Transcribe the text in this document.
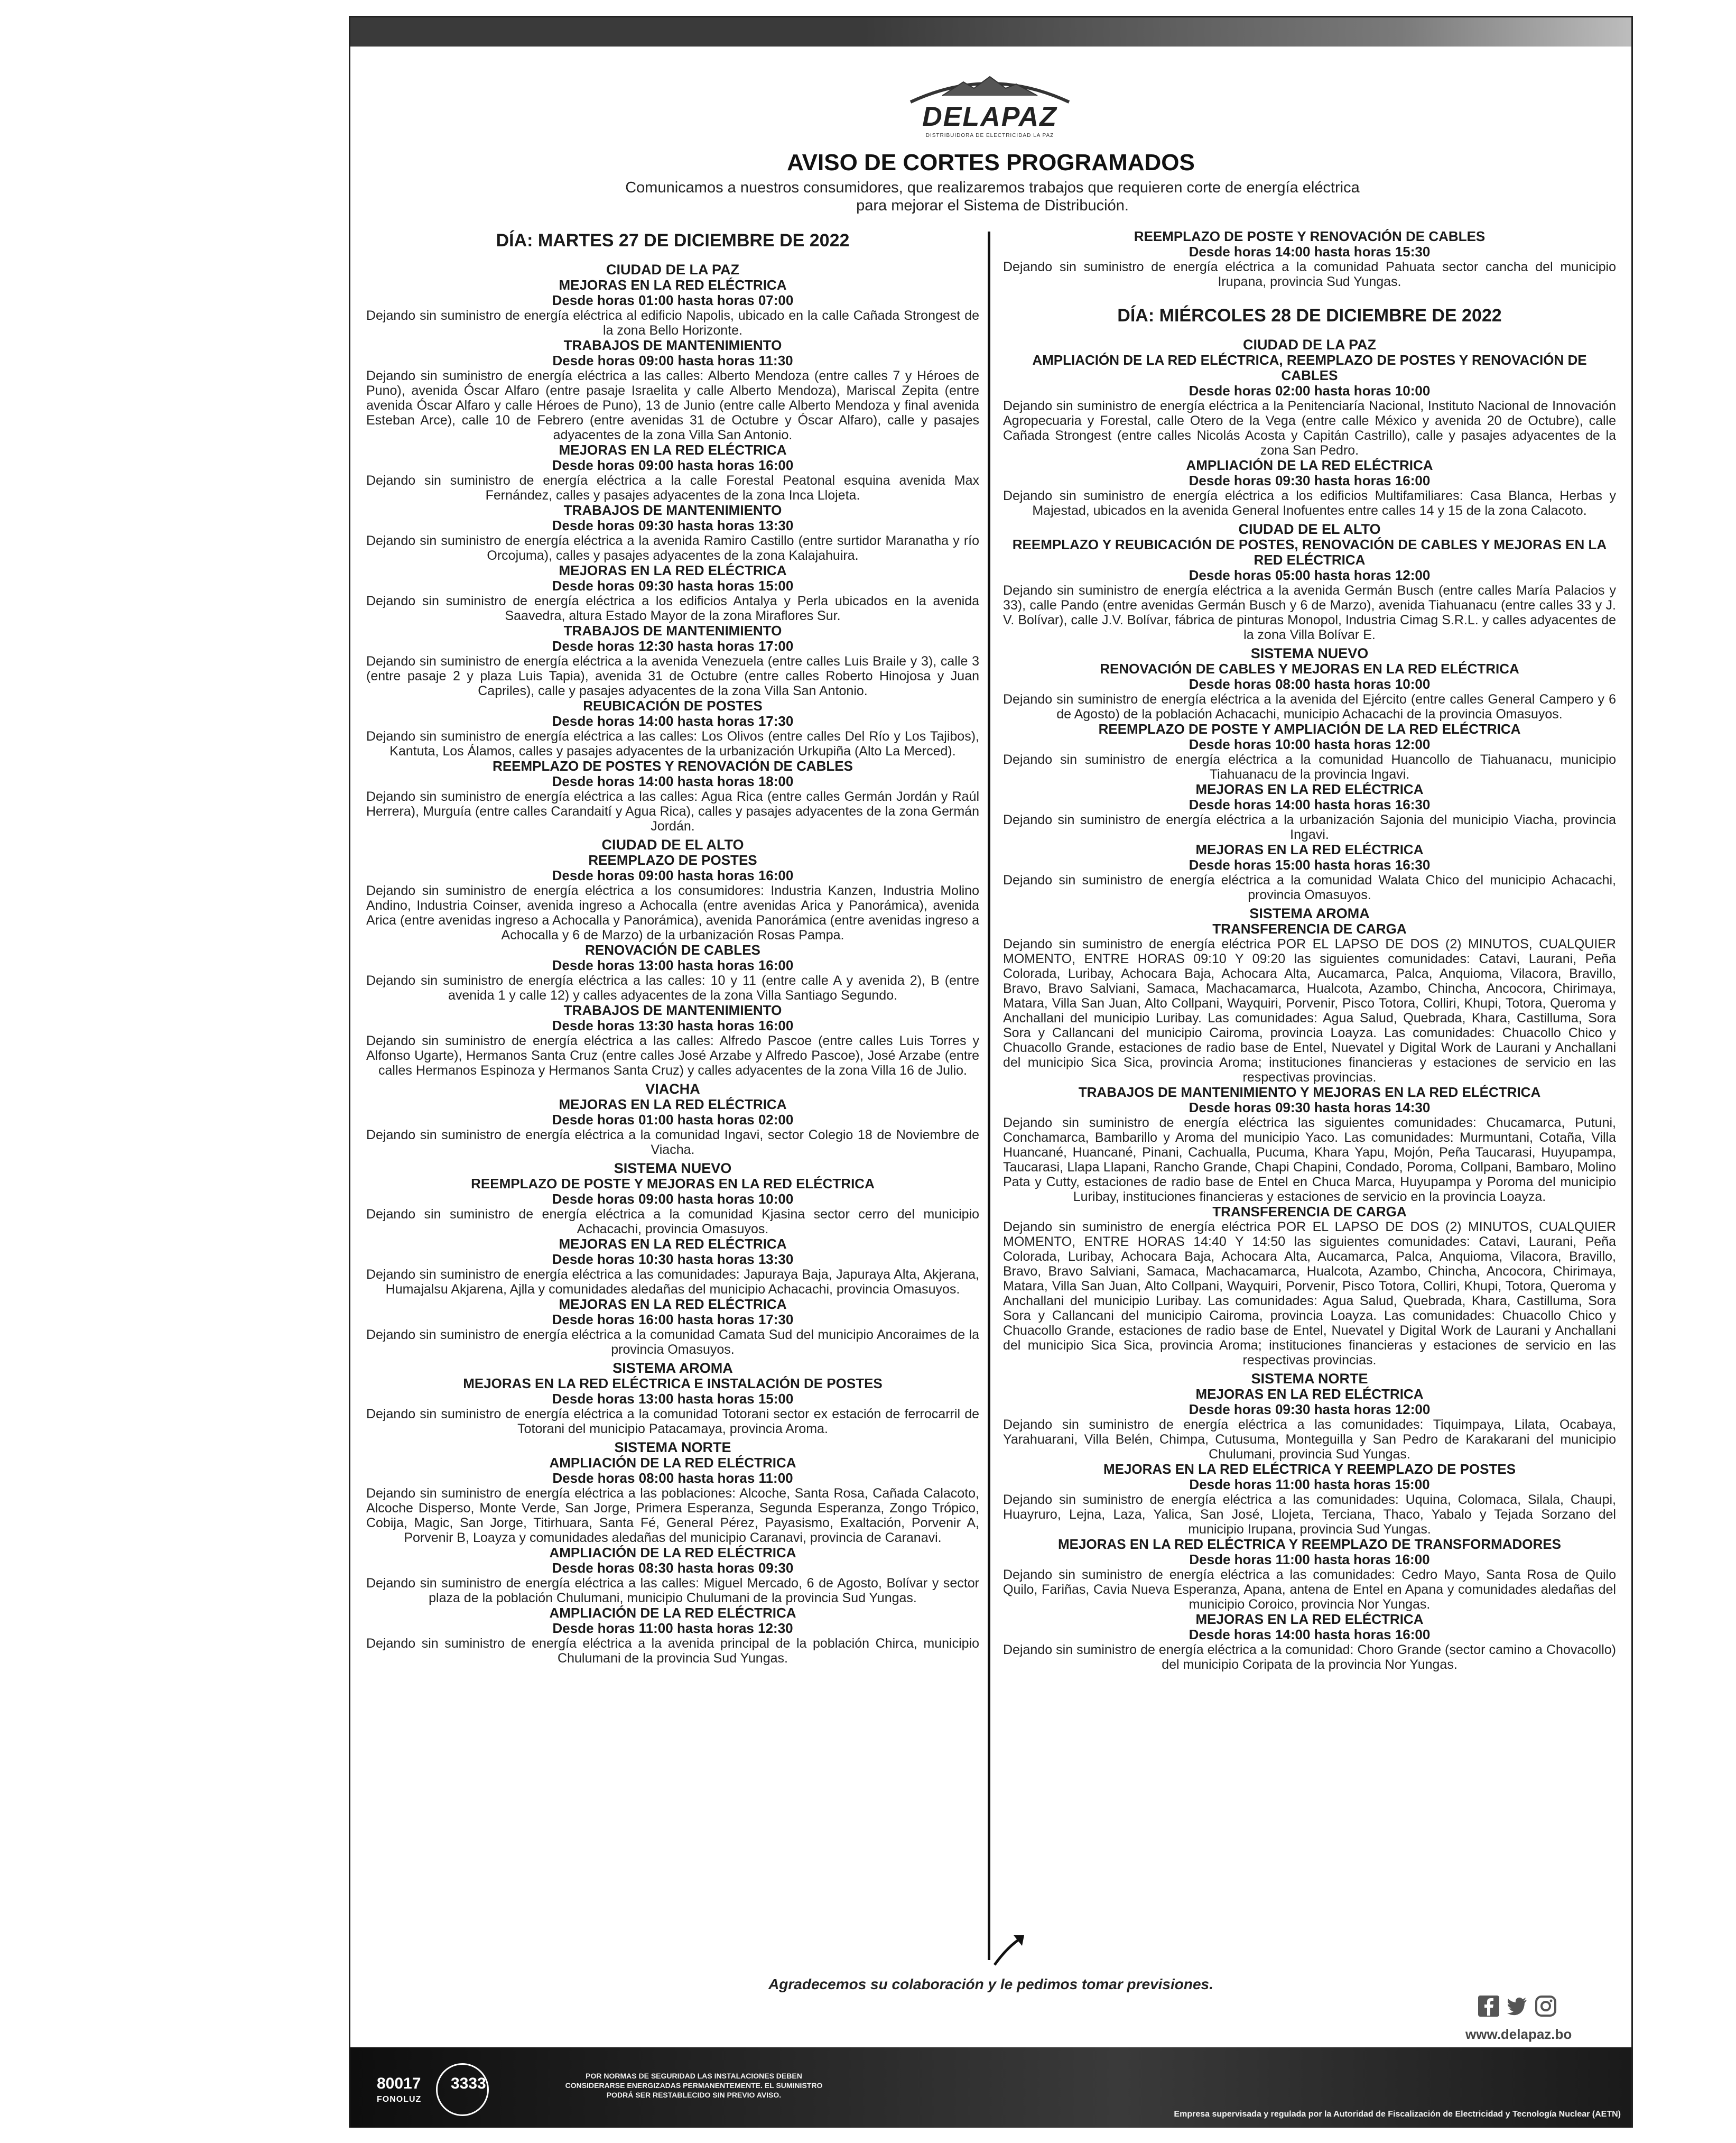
DELAPAZ
DISTRIBUIDORA DE ELECTRICIDAD LA PAZ
AVISO DE CORTES PROGRAMADOS
Comunicamos a nuestros consumidores, que realizaremos trabajos que requieren corte de energía eléctrica para mejorar el Sistema de Distribución.
DÍA: MARTES 27 DE DICIEMBRE DE 2022
CIUDAD DE LA PAZ
MEJORAS EN LA RED ELÉCTRICA
Desde horas 01:00 hasta horas 07:00
Dejando sin suministro de energía eléctrica al edificio Napolis, ubicado en la calle Cañada Strongest de la zona Bello Horizonte.
TRABAJOS DE MANTENIMIENTO
Desde horas 09:00 hasta horas 11:30
Dejando sin suministro de energía eléctrica a las calles: Alberto Mendoza (entre calles 7 y Héroes de Puno), avenida Óscar Alfaro (entre pasaje Israelita y calle Alberto Mendoza), Mariscal Zepita (entre avenida Óscar Alfaro y calle Héroes de Puno), 13 de Junio (entre calle Alberto Mendoza y final avenida Esteban Arce), calle 10 de Febrero (entre avenidas 31 de Octubre y Óscar Alfaro), calle y pasajes adyacentes de la zona Villa San Antonio.
MEJORAS EN LA RED ELÉCTRICA
Desde horas 09:00 hasta horas 16:00
Dejando sin suministro de energía eléctrica a la calle Forestal Peatonal esquina avenida Max Fernández, calles y pasajes adyacentes de la zona Inca Llojeta.
TRABAJOS DE MANTENIMIENTO
Desde horas 09:30 hasta horas 13:30
Dejando sin suministro de energía eléctrica a la avenida Ramiro Castillo (entre surtidor Maranatha y río Orcojuma), calles y pasajes adyacentes de la zona Kalajahuira.
MEJORAS EN LA RED ELÉCTRICA
Desde horas 09:30 hasta horas 15:00
Dejando sin suministro de energía eléctrica a los edificios Antalya y Perla ubicados en la avenida Saavedra, altura Estado Mayor de la zona Miraflores Sur.
TRABAJOS DE MANTENIMIENTO
Desde horas 12:30 hasta horas 17:00
Dejando sin suministro de energía eléctrica a la avenida Venezuela (entre calles Luis Braile y 3), calle 3 (entre pasaje 2 y plaza Luis Tapia), avenida 31 de Octubre (entre calles Roberto Hinojosa y Juan Capriles), calle y pasajes adyacentes de la zona Villa San Antonio.
REUBICACIÓN DE POSTES
Desde horas 14:00 hasta horas 17:30
Dejando sin suministro de energía eléctrica a las calles: Los Olivos (entre calles Del Río y Los Tajibos), Kantuta, Los Álamos, calles y pasajes adyacentes de la urbanización Urkupiña (Alto La Merced).
REEMPLAZO DE POSTES Y RENOVACIÓN DE CABLES
Desde horas 14:00 hasta horas 18:00
Dejando sin suministro de energía eléctrica a las calles: Agua Rica (entre calles Germán Jordán y Raúl Herrera), Murguía (entre calles Carandaití y Agua Rica), calles y pasajes adyacentes de la zona Germán Jordán.
CIUDAD DE EL ALTO
REEMPLAZO DE POSTES
Desde horas 09:00 hasta horas 16:00
Dejando sin suministro de energía eléctrica a los consumidores: Industria Kanzen, Industria Molino Andino, Industria Coinser, avenida ingreso a Achocalla (entre avenidas Arica y Panorámica), avenida Arica (entre avenidas ingreso a Achocalla y Panorámica), avenida Panorámica (entre avenidas ingreso a Achocalla y 6 de Marzo) de la urbanización Rosas Pampa.
RENOVACIÓN DE CABLES
Desde horas 13:00 hasta horas 16:00
Dejando sin suministro de energía eléctrica a las calles: 10 y 11 (entre calle A y avenida 2), B (entre avenida 1 y calle 12) y calles adyacentes de la zona Villa Santiago Segundo.
TRABAJOS DE MANTENIMIENTO
Desde horas 13:30 hasta horas 16:00
Dejando sin suministro de energía eléctrica a las calles: Alfredo Pascoe (entre calles Luis Torres y Alfonso Ugarte), Hermanos Santa Cruz (entre calles José Arzabe y Alfredo Pascoe), José Arzabe (entre calles Hermanos Espinoza y Hermanos Santa Cruz) y calles adyacentes de la zona Villa 16 de Julio.
VIACHA
MEJORAS EN LA RED ELÉCTRICA
Desde horas 01:00 hasta horas 02:00
Dejando sin suministro de energía eléctrica a la comunidad Ingavi, sector Colegio 18 de Noviembre de Viacha.
SISTEMA NUEVO
REEMPLAZO DE POSTE Y MEJORAS EN LA RED ELÉCTRICA
Desde horas 09:00 hasta horas 10:00
Dejando sin suministro de energía eléctrica a la comunidad Kjasina sector cerro del municipio Achacachi, provincia Omasuyos.
MEJORAS EN LA RED ELÉCTRICA
Desde horas 10:30 hasta horas 13:30
Dejando sin suministro de energía eléctrica a las comunidades: Japuraya Baja, Japuraya Alta, Akjerana, Humajalsu Akjarena, Ajlla y comunidades aledañas del municipio Achacachi, provincia Omasuyos.
MEJORAS EN LA RED ELÉCTRICA
Desde horas 16:00 hasta horas 17:30
Dejando sin suministro de energía eléctrica a la comunidad Camata Sud del municipio Ancoraimes de la provincia Omasuyos.
SISTEMA AROMA
MEJORAS EN LA RED ELÉCTRICA E INSTALACIÓN DE POSTES
Desde horas 13:00 hasta horas 15:00
Dejando sin suministro de energía eléctrica a la comunidad Totorani sector ex estación de ferrocarril de Totorani del municipio Patacamaya, provincia Aroma.
SISTEMA NORTE
AMPLIACIÓN DE LA RED ELÉCTRICA
Desde horas 08:00 hasta horas 11:00
Dejando sin suministro de energía eléctrica a las poblaciones: Alcoche, Santa Rosa, Cañada Calacoto, Alcoche Disperso, Monte Verde, San Jorge, Primera Esperanza, Segunda Esperanza, Zongo Trópico, Cobija, Magic, San Jorge, Titirhuara, Santa Fé, General Pérez, Payasismo, Exaltación, Porvenir A, Porvenir B, Loayza y comunidades aledañas del municipio Caranavi, provincia de Caranavi.
AMPLIACIÓN DE LA RED ELÉCTRICA
Desde horas 08:30 hasta horas 09:30
Dejando sin suministro de energía eléctrica a las calles: Miguel Mercado, 6 de Agosto, Bolívar y sector plaza de la población Chulumani, municipio Chulumani de la provincia Sud Yungas.
AMPLIACIÓN DE LA RED ELÉCTRICA
Desde horas 11:00 hasta horas 12:30
Dejando sin suministro de energía eléctrica a la avenida principal de la población Chirca, municipio Chulumani de la provincia Sud Yungas.
REEMPLAZO DE POSTE Y RENOVACIÓN DE CABLES
Desde horas 14:00 hasta horas 15:30
Dejando sin suministro de energía eléctrica a la comunidad Pahuata sector cancha del municipio Irupana, provincia Sud Yungas.
DÍA: MIÉRCOLES 28 DE DICIEMBRE DE 2022
CIUDAD DE LA PAZ
AMPLIACIÓN DE LA RED ELÉCTRICA, REEMPLAZO DE POSTES Y RENOVACIÓN DE CABLES
Desde horas 02:00 hasta horas 10:00
Dejando sin suministro de energía eléctrica a la Penitenciaría Nacional, Instituto Nacional de Innovación Agropecuaria y Forestal, calle Otero de la Vega (entre calle México y avenida 20 de Octubre), calle Cañada Strongest (entre calles Nicolás Acosta y Capitán Castrillo), calle y pasajes adyacentes de la zona San Pedro.
AMPLIACIÓN DE LA RED ELÉCTRICA
Desde horas 09:30 hasta horas 16:00
Dejando sin suministro de energía eléctrica a los edificios Multifamiliares: Casa Blanca, Herbas y Majestad, ubicados en la avenida General Inofuentes entre calles 14 y 15 de la zona Calacoto.
CIUDAD DE EL ALTO
REEMPLAZO Y REUBICACIÓN DE POSTES, RENOVACIÓN DE CABLES Y MEJORAS EN LA RED ELÉCTRICA
Desde horas 05:00 hasta horas 12:00
Dejando sin suministro de energía eléctrica a la avenida Germán Busch (entre calles María Palacios y 33), calle Pando (entre avenidas Germán Busch y 6 de Marzo), avenida Tiahuanacu (entre calles 33 y J. V. Bolívar), calle J.V. Bolívar, fábrica de pinturas Monopol, Industria Cimag S.R.L. y calles adyacentes de la zona Villa Bolívar E.
SISTEMA NUEVO
RENOVACIÓN DE CABLES Y MEJORAS EN LA RED ELÉCTRICA
Desde horas 08:00 hasta horas 10:00
Dejando sin suministro de energía eléctrica a la avenida del Ejército (entre calles General Campero y 6 de Agosto) de la población Achacachi, municipio Achacachi de la provincia Omasuyos.
REEMPLAZO DE POSTE Y AMPLIACIÓN DE LA RED ELÉCTRICA
Desde horas 10:00 hasta horas 12:00
Dejando sin suministro de energía eléctrica a la comunidad Huancollo de Tiahuanacu, municipio Tiahuanacu de la provincia Ingavi.
MEJORAS EN LA RED ELÉCTRICA
Desde horas 14:00 hasta horas 16:30
Dejando sin suministro de energía eléctrica a la urbanización Sajonia del municipio Viacha, provincia Ingavi.
MEJORAS EN LA RED ELÉCTRICA
Desde horas 15:00 hasta horas 16:30
Dejando sin suministro de energía eléctrica a la comunidad Walata Chico del municipio Achacachi, provincia Omasuyos.
SISTEMA AROMA
TRANSFERENCIA DE CARGA
Dejando sin suministro de energía eléctrica POR EL LAPSO DE DOS (2) MINUTOS, CUALQUIER MOMENTO, ENTRE HORAS 09:10 Y 09:20 las siguientes comunidades: Catavi, Laurani, Peña Colorada, Luribay, Achocara Baja, Achocara Alta, Aucamarca, Palca, Anquioma, Vilacora, Bravillo, Bravo, Bravo Salviani, Samaca, Machacamarca, Hualcota, Azambo, Chincha, Ancocora, Chirimaya, Matara, Villa San Juan, Alto Collpani, Wayquiri, Porvenir, Pisco Totora, Colliri, Khupi, Totora, Queroma y Anchallani del municipio Luribay. Las comunidades: Agua Salud, Quebrada, Khara, Castilluma, Sora Sora y Callancani del municipio Cairoma, provincia Loayza. Las comunidades: Chuacollo Chico y Chuacollo Grande, estaciones de radio base de Entel, Nuevatel y Digital Work de Laurani y Anchallani del municipio Sica Sica, provincia Aroma; instituciones financieras y estaciones de servicio en las respectivas provincias.
TRABAJOS DE MANTENIMIENTO Y MEJORAS EN LA RED ELÉCTRICA
Desde horas 09:30 hasta horas 14:30
Dejando sin suministro de energía eléctrica las siguientes comunidades: Chucamarca, Putuni, Conchamarca, Bambarillo y Aroma del municipio Yaco. Las comunidades: Murmuntani, Cotaña, Villa Huancané, Huancané, Pinani, Cachualla, Pucuma, Khara Yapu, Mojón, Peña Taucarasi, Huyupampa, Taucarasi, Llapa Llapani, Rancho Grande, Chapi Chapini, Condado, Poroma, Collpani, Bambaro, Molino Pata y Cutty, estaciones de radio base de Entel en Chuca Marca, Huyupampa y Poroma del municipio Luribay, instituciones financieras y estaciones de servicio en la provincia Loayza.
TRANSFERENCIA DE CARGA
Dejando sin suministro de energía eléctrica POR EL LAPSO DE DOS (2) MINUTOS, CUALQUIER MOMENTO, ENTRE HORAS 14:40 Y 14:50 las siguientes comunidades: Catavi, Laurani, Peña Colorada, Luribay, Achocara Baja, Achocara Alta, Aucamarca, Palca, Anquioma, Vilacora, Bravillo, Bravo, Bravo Salviani, Samaca, Machacamarca, Hualcota, Azambo, Chincha, Ancocora, Chirimaya, Matara, Villa San Juan, Alto Collpani, Wayquiri, Porvenir, Pisco Totora, Colliri, Khupi, Totora, Queroma y Anchallani del municipio Luribay. Las comunidades: Agua Salud, Quebrada, Khara, Castilluma, Sora Sora y Callancani del municipio Cairoma, provincia Loayza. Las comunidades: Chuacollo Chico y Chuacollo Grande, estaciones de radio base de Entel, Nuevatel y Digital Work de Laurani y Anchallani del municipio Sica Sica, provincia Aroma; instituciones financieras y estaciones de servicio en las respectivas provincias.
SISTEMA NORTE
MEJORAS EN LA RED ELÉCTRICA
Desde horas 09:30 hasta horas 12:00
Dejando sin suministro de energía eléctrica a las comunidades: Tiquimpaya, Lilata, Ocabaya, Yarahuarani, Villa Belén, Chimpa, Cutusuma, Monteguilla y San Pedro de Karakarani del municipio Chulumani, provincia Sud Yungas.
MEJORAS EN LA RED ELÉCTRICA Y REEMPLAZO DE POSTES
Desde horas 11:00 hasta horas 15:00
Dejando sin suministro de energía eléctrica a las comunidades: Uquina, Colomaca, Silala, Chaupi, Huayruro, Lejna, Laza, Yalica, San José, Llojeta, Terciana, Thaco, Yabalo y Tejada Sorzano del municipio Irupana, provincia Sud Yungas.
MEJORAS EN LA RED ELÉCTRICA Y REEMPLAZO DE TRANSFORMADORES
Desde horas 11:00 hasta horas 16:00
Dejando sin suministro de energía eléctrica a las comunidades: Cedro Mayo, Santa Rosa de Quilo Quilo, Fariñas, Cavia Nueva Esperanza, Apana, antena de Entel en Apana y comunidades aledañas del municipio Coroico, provincia Nor Yungas.
MEJORAS EN LA RED ELÉCTRICA
Desde horas 14:00 hasta horas 16:00
Dejando sin suministro de energía eléctrica a la comunidad: Choro Grande (sector camino a Chovacollo) del municipio Coripata de la provincia Nor Yungas.
Agradecemos su colaboración y le pedimos tomar previsiones.
www.delapaz.bo
80017 3333
FONOLUZ
POR NORMAS DE SEGURIDAD LAS INSTALACIONES DEBEN CONSIDERARSE ENERGIZADAS PERMANENTEMENTE. EL SUMINISTRO PODRÁ SER RESTABLECIDO SIN PREVIO AVISO.
Empresa supervisada y regulada por la Autoridad de Fiscalización de Electricidad y Tecnología Nuclear (AETN)
